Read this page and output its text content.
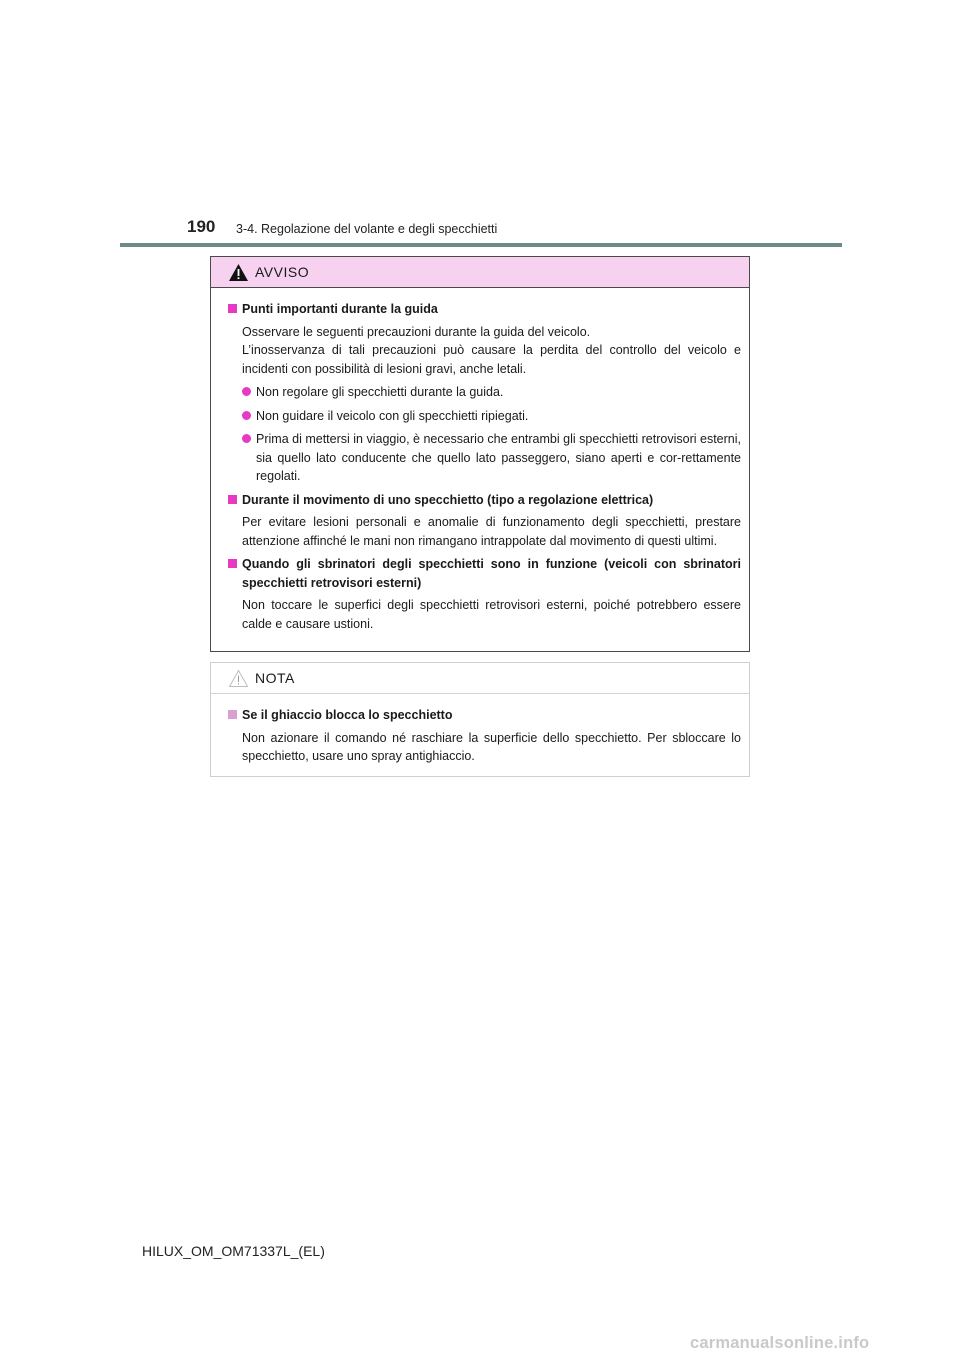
190 3-4. Regolazione del volante e degli specchietti
AVVISO
Punti importanti durante la guida

Osservare le seguenti precauzioni durante la guida del veicolo.

L’inosservanza di tali precauzioni può causare la perdita del controllo del veicolo e incidenti con possibilità di lesioni gravi, anche letali.

Non regolare gli specchietti durante la guida.
Non guidare il veicolo con gli specchietti ripiegati.
Prima di mettersi in viaggio, è necessario che entrambi gli specchietti retrovisori esterni, sia quello lato conducente che quello lato passeggero, siano aperti e cor-rettamente regolati.
Durante il movimento di uno specchietto (tipo a regolazione elettrica)

Per evitare lesioni personali e anomalie di funzionamento degli specchietti, prestare attenzione affinché le mani non rimangano intrappolate dal movimento di questi ultimi.

Quando gli sbrinatori degli specchietti sono in funzione (veicoli con sbrinatori specchietti retrovisori esterni)

Non toccare le superfici degli specchietti retrovisori esterni, poiché potrebbero essere calde e causare ustioni.

NOTA
Se il ghiaccio blocca lo specchietto

Non azionare il comando né raschiare la superficie dello specchietto. Per sbloccare lo specchietto, usare uno spray antighiaccio.

HILUX_OM_OM71337L_(EL)
carmanualsonline.info
